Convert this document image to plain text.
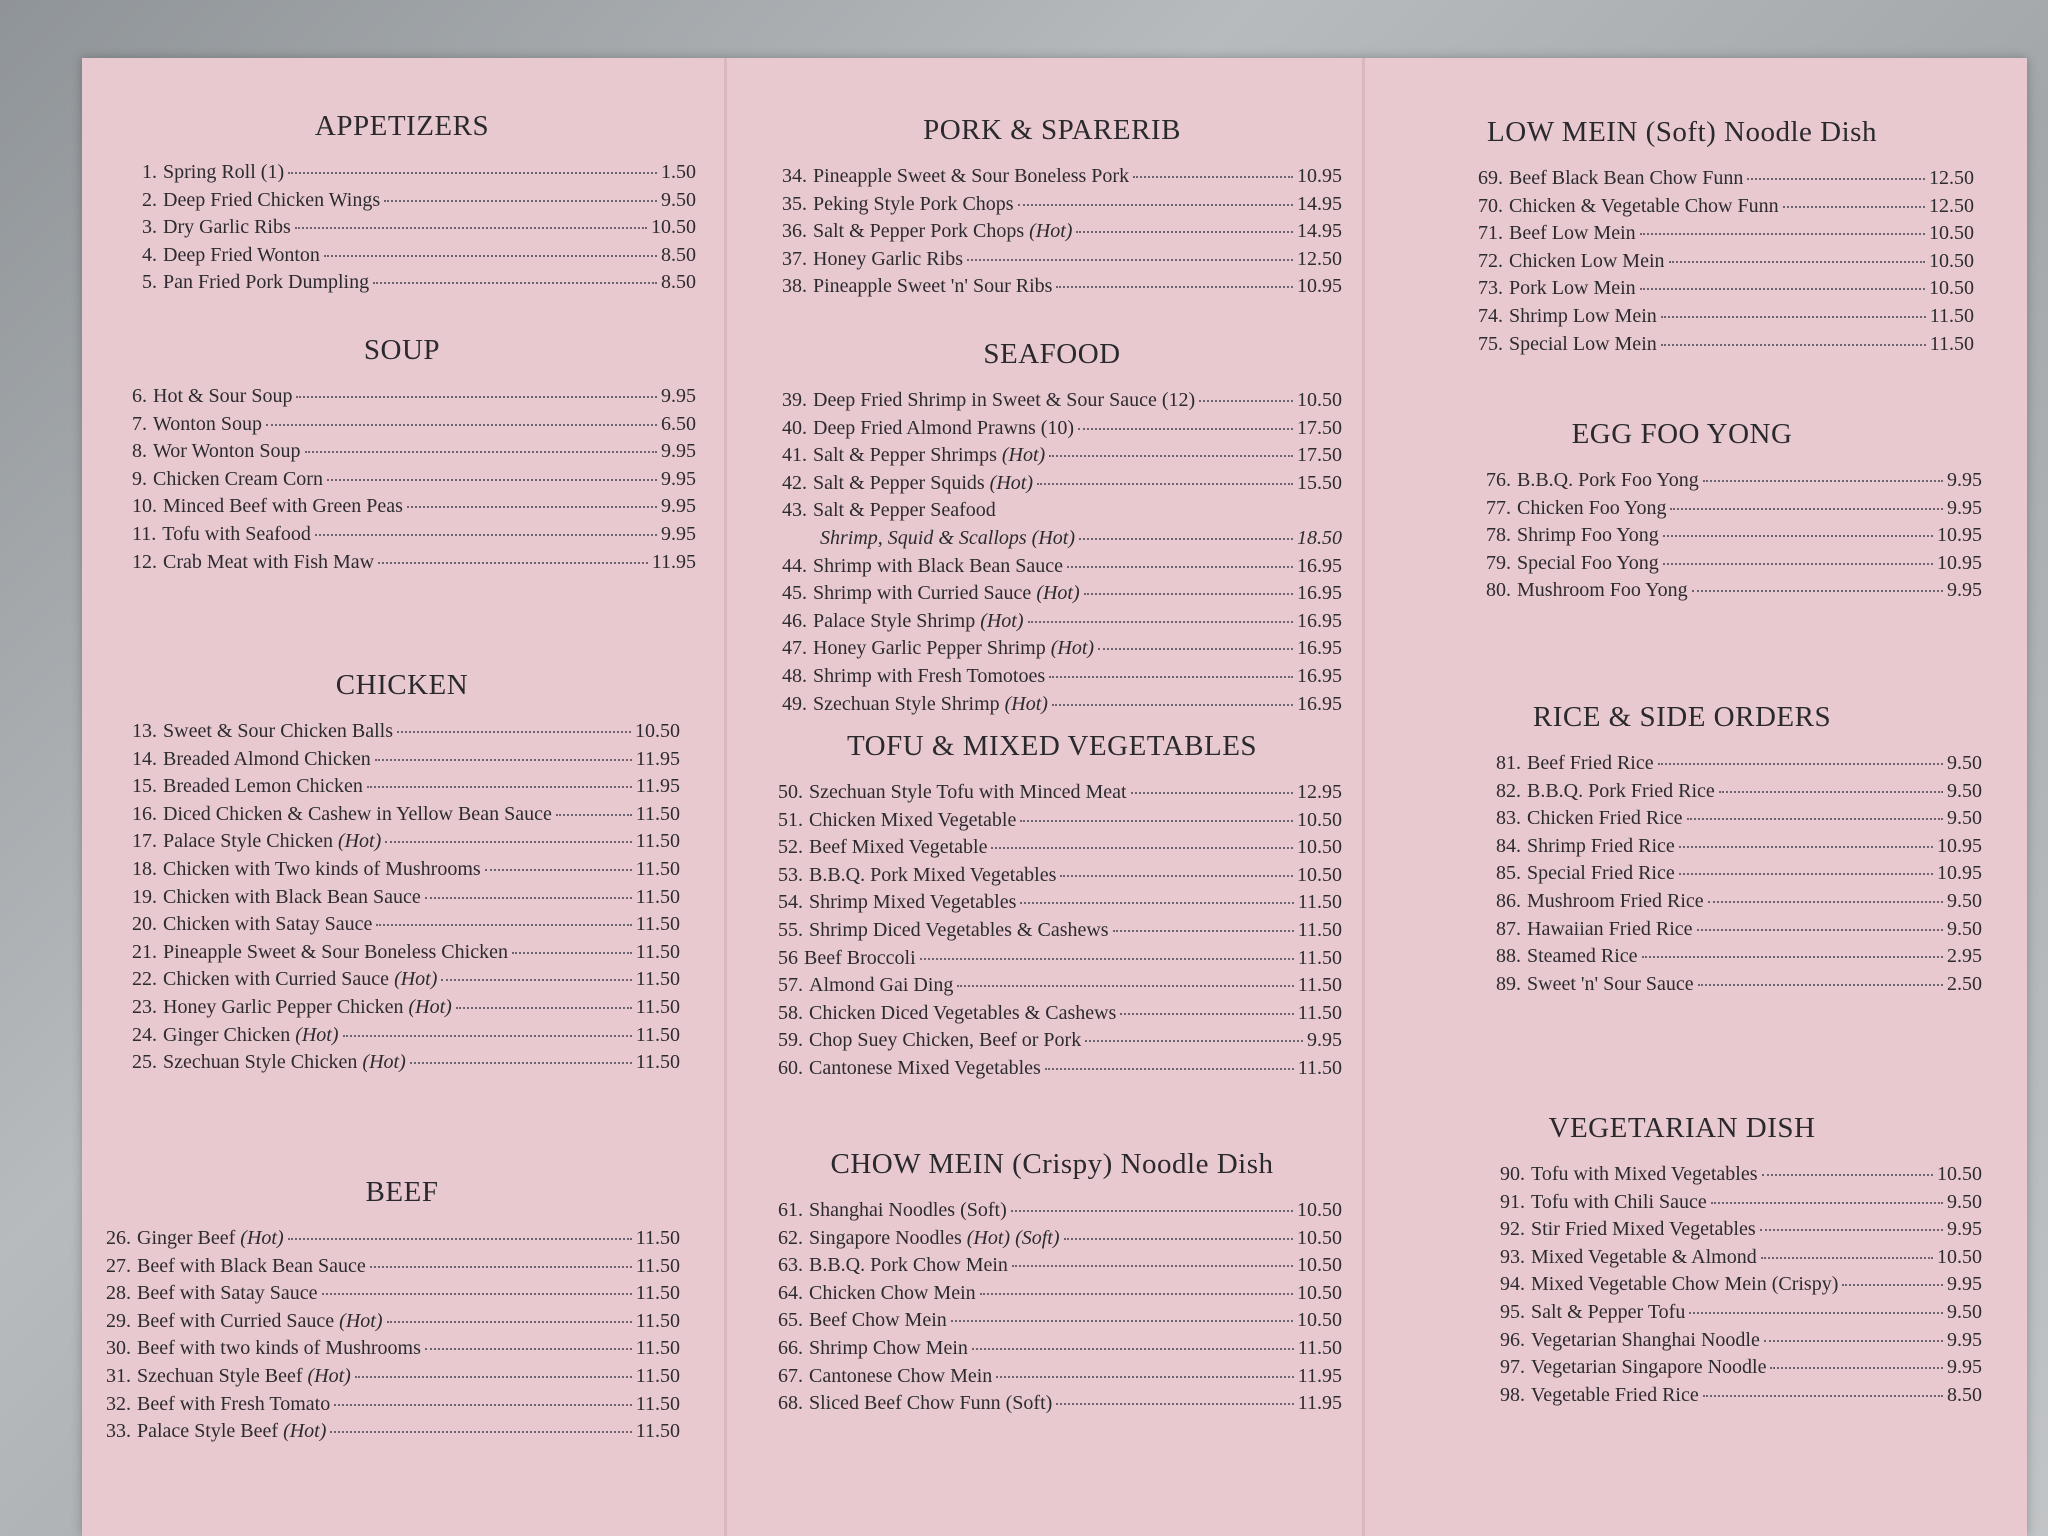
APPETIZERS
1. Spring Roll (1)	1.50
2. Deep Fried Chicken Wings	9.50
3. Dry Garlic Ribs	10.50
4. Deep Fried Wonton	8.50
5. Pan Fried Pork Dumpling	8.50
SOUP
6. Hot & Sour Soup	9.95
7. Wonton Soup	6.50
8. Wor Wonton Soup	9.95
9. Chicken Cream Corn	9.95
10. Minced Beef with Green Peas	9.95
11. Tofu with Seafood	9.95
12. Crab Meat with Fish Maw	11.95
CHICKEN
13. Sweet & Sour Chicken Balls	10.50
14. Breaded Almond Chicken	11.95
15. Breaded Lemon Chicken	11.95
16. Diced Chicken & Cashew in Yellow Bean Sauce	11.50
17. Palace Style Chicken (Hot)	11.50
18. Chicken with Two kinds of Mushrooms	11.50
19. Chicken with Black Bean Sauce	11.50
20. Chicken with Satay Sauce	11.50
21. Pineapple Sweet & Sour Boneless Chicken	11.50
22. Chicken with Curried Sauce (Hot)	11.50
23. Honey Garlic Pepper Chicken (Hot)	11.50
24. Ginger Chicken (Hot)	11.50
25. Szechuan Style Chicken (Hot)	11.50
BEEF
26. Ginger Beef (Hot)	11.50
27. Beef with Black Bean Sauce	11.50
28. Beef with Satay Sauce	11.50
29. Beef with Curried Sauce (Hot)	11.50
30. Beef with two kinds of Mushrooms	11.50
31. Szechuan Style Beef (Hot)	11.50
32. Beef with Fresh Tomato	11.50
33. Palace Style Beef (Hot)	11.50
PORK & SPARERIB
34. Pineapple Sweet & Sour Boneless Pork	10.95
35. Peking Style Pork Chops	14.95
36. Salt & Pepper Pork Chops (Hot)	14.95
37. Honey Garlic Ribs	12.50
38. Pineapple Sweet 'n' Sour Ribs	10.95
SEAFOOD
39. Deep Fried Shrimp in Sweet & Sour Sauce (12)	10.50
40. Deep Fried Almond Prawns (10)	17.50
41. Salt & Pepper Shrimps (Hot)	17.50
42. Salt & Pepper Squids (Hot)	15.50
43. Salt & Pepper Seafood
Shrimp, Squid & Scallops (Hot)	18.50
44. Shrimp with Black Bean Sauce	16.95
45. Shrimp with Curried Sauce (Hot)	16.95
46. Palace Style Shrimp (Hot)	16.95
47. Honey Garlic Pepper Shrimp (Hot)	16.95
48. Shrimp with Fresh Tomotoes	16.95
49. Szechuan Style Shrimp (Hot)	16.95
TOFU & MIXED VEGETABLES
50. Szechuan Style Tofu with Minced Meat	12.95
51. Chicken Mixed Vegetable	10.50
52. Beef Mixed Vegetable	10.50
53. B.B.Q. Pork Mixed Vegetables	10.50
54. Shrimp Mixed Vegetables	11.50
55. Shrimp Diced Vegetables & Cashews	11.50
56 Beef Broccoli	11.50
57. Almond Gai Ding	11.50
58. Chicken Diced Vegetables & Cashews	11.50
59. Chop Suey Chicken, Beef or Pork	9.95
60. Cantonese Mixed Vegetables	11.50
CHOW MEIN (Crispy) Noodle Dish
61. Shanghai Noodles (Soft)	10.50
62. Singapore Noodles (Hot) (Soft)	10.50
63. B.B.Q. Pork Chow Mein	10.50
64. Chicken Chow Mein	10.50
65. Beef Chow Mein	10.50
66. Shrimp Chow Mein	11.50
67. Cantonese Chow Mein	11.95
68. Sliced Beef Chow Funn (Soft)	11.95
LOW MEIN (Soft) Noodle Dish
69. Beef Black Bean Chow Funn	12.50
70. Chicken & Vegetable Chow Funn	12.50
71. Beef Low Mein	10.50
72. Chicken Low Mein	10.50
73. Pork Low Mein	10.50
74. Shrimp Low Mein	11.50
75. Special Low Mein	11.50
EGG FOO YONG
76. B.B.Q. Pork Foo Yong	9.95
77. Chicken Foo Yong	9.95
78. Shrimp Foo Yong	10.95
79. Special Foo Yong	10.95
80. Mushroom Foo Yong	9.95
RICE & SIDE ORDERS
81. Beef Fried Rice	9.50
82. B.B.Q. Pork Fried Rice	9.50
83. Chicken Fried Rice	9.50
84. Shrimp Fried Rice	10.95
85. Special Fried Rice	10.95
86. Mushroom Fried Rice	9.50
87. Hawaiian Fried Rice	9.50
88. Steamed Rice	2.95
89. Sweet 'n' Sour Sauce	2.50
VEGETARIAN DISH
90. Tofu with Mixed Vegetables	10.50
91. Tofu with Chili Sauce	9.50
92. Stir Fried Mixed Vegetables	9.95
93. Mixed Vegetable & Almond	10.50
94. Mixed Vegetable Chow Mein (Crispy)	9.95
95. Salt & Pepper Tofu	9.50
96. Vegetarian Shanghai Noodle	9.95
97. Vegetarian Singapore Noodle	9.95
98. Vegetable Fried Rice	8.50
